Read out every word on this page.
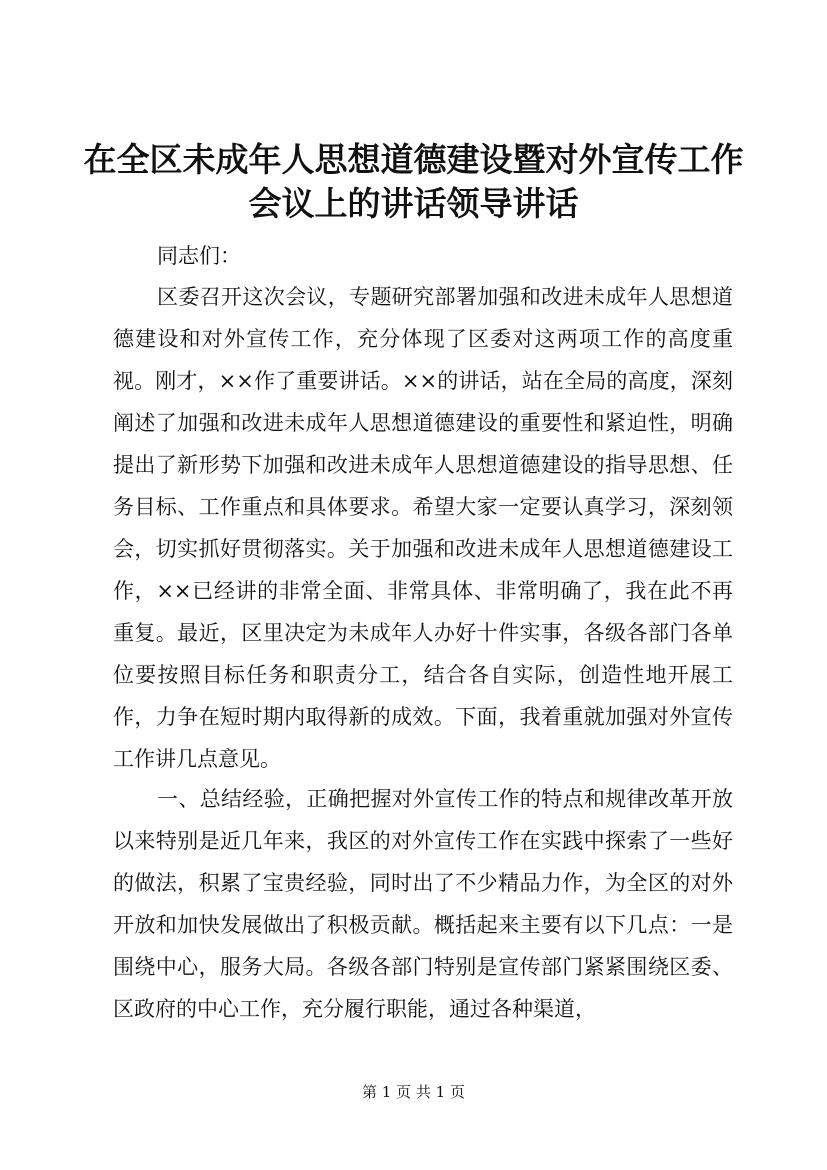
在全区未成年人思想道德建设暨对外宣传工作
会议上的讲话领导讲话
同志们：

区委召开这次会议，专题研究部署加强和改进未成年人思想道德建设和对外宣传工作，充分体现了区委对这两项工作的高度重视。刚才，××作了重要讲话。××的讲话，站在全局的高度，深刻阐述了加强和改进未成年人思想道德建设的重要性和紧迫性，明确提出了新形势下加强和改进未成年人思想道德建设的指导思想、任务目标、工作重点和具体要求。希望大家一定要认真学习，深刻领会，切实抓好贯彻落实。关于加强和改进未成年人思想道德建设工作，××已经讲的非常全面、非常具体、非常明确了，我在此不再重复。最近，区里决定为未成年人办好十件实事，各级各部门各单位要按照目标任务和职责分工，结合各自实际，创造性地开展工作，力争在短时期内取得新的成效。下面，我着重就加强对外宣传工作讲几点意见。

一、总结经验，正确把握对外宣传工作的特点和规律改革开放以来特别是近几年来，我区的对外宣传工作在实践中探索了一些好的做法，积累了宝贵经验，同时出了不少精品力作，为全区的对外开放和加快发展做出了积极贡献。概括起来主要有以下几点：一是围绕中心，服务大局。各级各部门特别是宣传部门紧紧围绕区委、区政府的中心工作，充分履行职能，通过各种渠道，

第 1 页 共 1 页
